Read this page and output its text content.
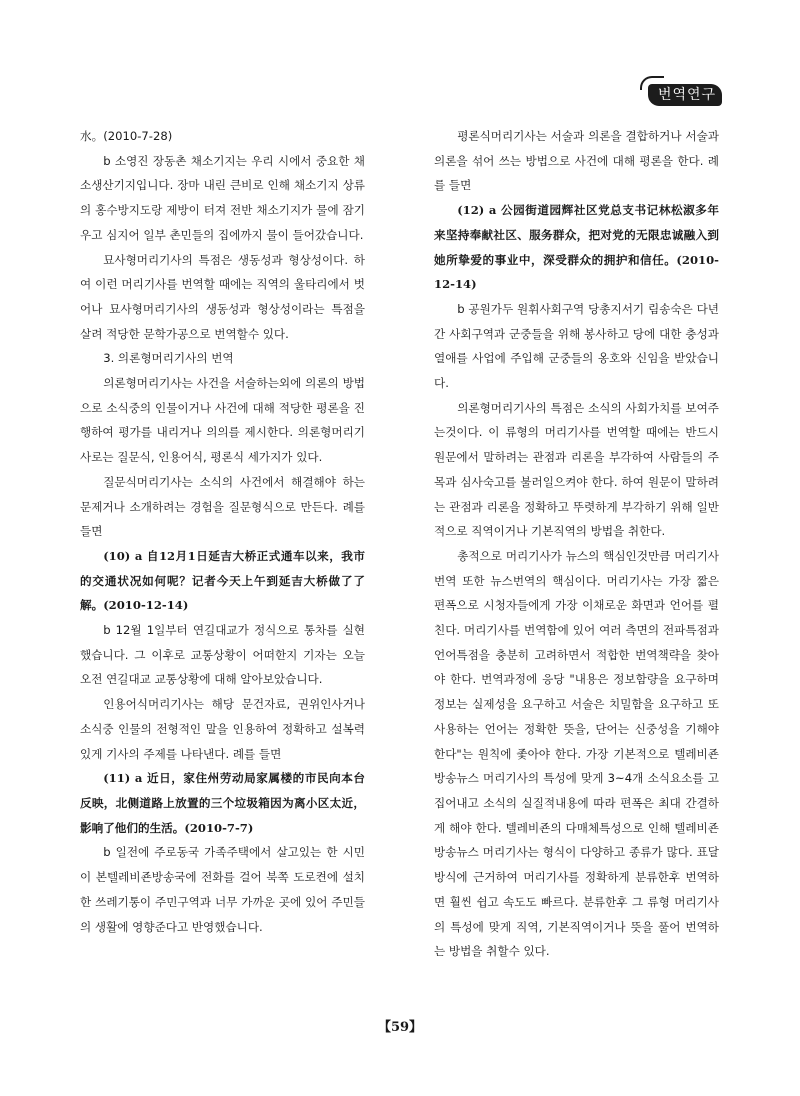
번역연구

水。(2010-7-28)

b 소영진 장동촌 채소기지는 우리 시에서 중요한 채소생산기지입니다. 장마 내린 큰비로 인해 채소기지 상류의 홍수방지도랑 제방이 터져 전반 채소기지가 물에 잠기우고 심지어 일부 촌민들의 집에까지 물이 들어갔습니다.

묘사형머리기사의 특점은 생동성과 형상성이다. 하여 이런 머리기사를 번역할 때에는 직역의 울타리에서 벗어나 묘사형머리기사의 생동성과 형상성이라는 특점을 살려 적당한 문학가공으로 번역할수 있다.

3. 의론형머리기사의 번역

의론형머리기사는 사건을 서술하는외에 의론의 방법으로 소식중의 인물이거나 사건에 대해 적당한 평론을 진행하여 평가를 내리거나 의의를 제시한다. 의론형머리기사로는 질문식, 인용어식, 평론식 세가지가 있다.

질문식머리기사는 소식의 사건에서 해결해야 하는 문제거나 소개하려는 경험을 질문형식으로 만든다. 례를 들면

(10) a 自12月1日延吉大桥正式通车以来，我市的交通状况如何呢？记者今天上午到延吉大桥做了了解。(2010-12-14)

b 12월 1일부터 연길대교가 정식으로 통차를 실현했습니다. 그 이후로 교통상황이 어떠한지 기자는 오늘 오전 연길대교 교통상황에 대해 알아보았습니다.

인용어식머리기사는 해당 문건자료, 권위인사거나 소식중 인물의 전형적인 말을 인용하여 정확하고 설복력있게 기사의 주제를 나타낸다. 례를 들면

(11) a 近日，家住州劳动局家属楼的市民向本台反映，北侧道路上放置的三个垃圾箱因为离小区太近，影响了他们的生活。(2010-7-7)

b 일전에 주로동국 가족주택에서 살고있는 한 시민이 본텔레비죤방송국에 전화를 걸어 북쪽 도로켠에 설치한 쓰레기통이 주민구역과 너무 가까운 곳에 있어 주민들의 생활에 영향준다고 반영했습니다.

평론식머리기사는 서술과 의론을 결합하거나 서술과 의론을 섞어 쓰는 방법으로 사건에 대해 평론을 한다. 례를 들면

(12) a 公园街道园辉社区党总支书记林松淑多年来坚持奉献社区、服务群众，把对党的无限忠诚融入到她所挚爱的事业中，深受群众的拥护和信任。(2010-12-14)

b 공원가두 원휘사회구역 당총지서기 림송숙은 다년간 사회구역과 군중들을 위해 봉사하고 당에 대한 충성과 열애를 사업에 주입해 군중들의 옹호와 신임을 받았습니다.

의론형머리기사의 특점은 소식의 사회가치를 보여주는것이다. 이 류형의 머리기사를 번역할 때에는 반드시 원문에서 말하려는 관점과 리론을 부각하여 사람들의 주목과 심사숙고를 불러일으켜야 한다. 하여 원문이 말하려는 관점과 리론을 정확하고 뚜렷하게 부각하기 위해 일반적으로 직역이거나 기본직역의 방법을 취한다.

총적으로 머리기사가 뉴스의 핵심인것만큼 머리기사번역 또한 뉴스번역의 핵심이다. 머리기사는 가장 짧은 편폭으로 시청자들에게 가장 이채로운 화면과 언어를 펼친다. 머리기사를 번역함에 있어 여러 측면의 전파특점과 언어특점을 충분히 고려하면서 적합한 번역책략을 찾아야 한다. 번역과정에 응당 "내용은 정보함량을 요구하며 정보는 실제성을 요구하고 서술은 치밀함을 요구하고 또 사용하는 언어는 정확한 뜻을, 단어는 신중성을 기해야 한다"는 원칙에 좇아야 한다. 가장 기본적으로 텔레비죤방송뉴스 머리기사의 특성에 맞게 3~4개 소식요소를 고집어내고 소식의 실질적내용에 따라 편폭은 최대 간결하게 해야 한다. 텔레비죤의 다매체특성으로 인해 텔레비죤방송뉴스 머리기사는 형식이 다양하고 종류가 많다. 표달방식에 근거하여 머리기사를 정확하게 분류한후 번역하면 훨씬 쉽고 속도도 빠르다. 분류한후 그 류형 머리기사의 특성에 맞게 직역, 기본직역이거나 뜻을 풀어 번역하는 방법을 취할수 있다.

【59】
